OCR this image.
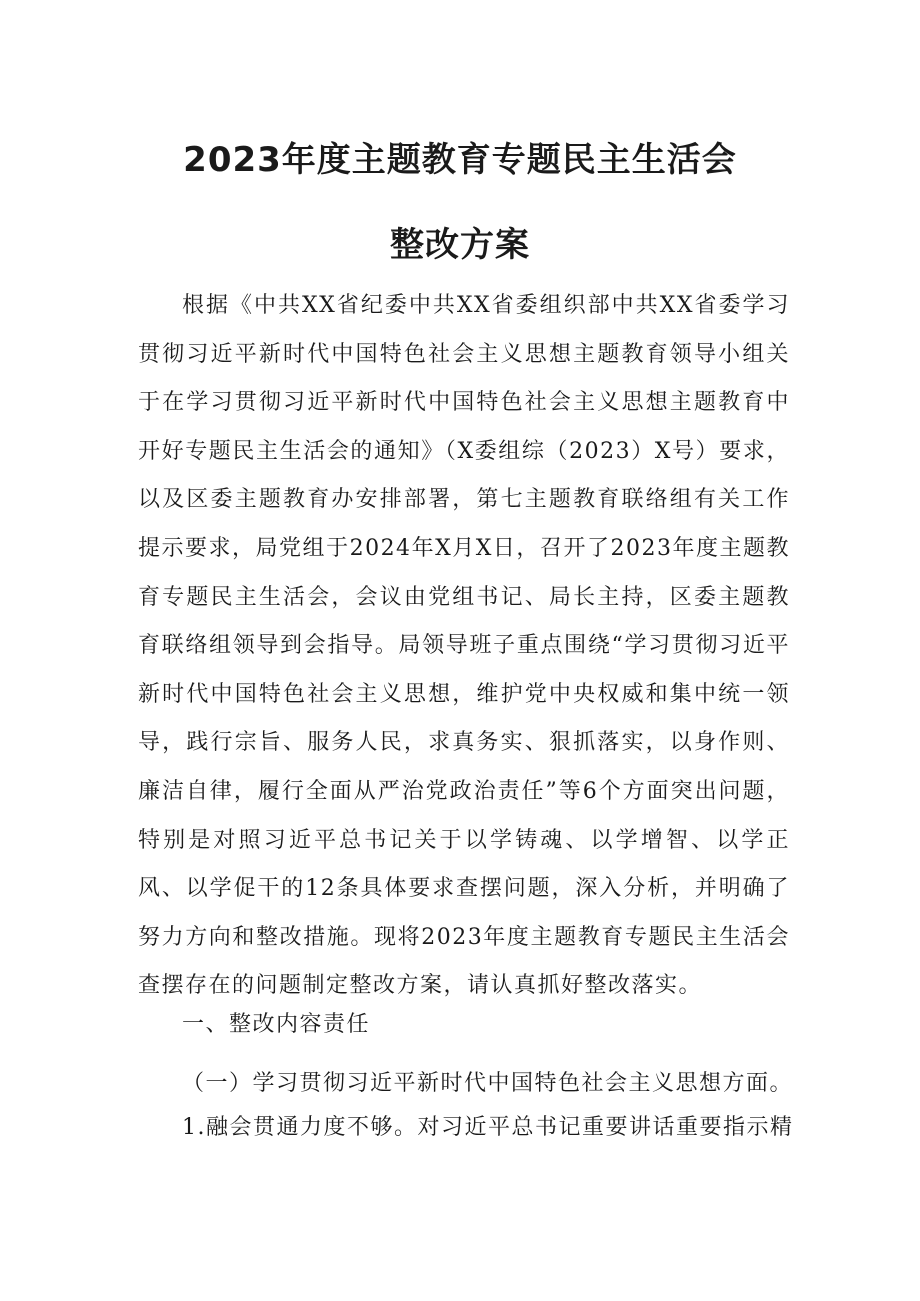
2023年度主题教育专题民主生活会
整改方案

根据《中共XX省纪委中共XX省委组织部中共XX省委学习贯彻习近平新时代中国特色社会主义思想主题教育领导小组关于在学习贯彻习近平新时代中国特色社会主义思想主题教育中开好专题民主生活会的通知》（X委组综（2023）X号）要求，以及区委主题教育办安排部署，第七主题教育联络组有关工作提示要求，局党组于2024年X月X日，召开了2023年度主题教育专题民主生活会，会议由党组书记、局长主持，区委主题教育联络组领导到会指导。局领导班子重点围绕“学习贯彻习近平新时代中国特色社会主义思想，维护党中央权威和集中统一领导，践行宗旨、服务人民，求真务实、狠抓落实，以身作则、廉洁自律，履行全面从严治党政治责任”等6个方面突出问题，特别是对照习近平总书记关于以学铸魂、以学增智、以学正风、以学促干的12条具体要求查摆问题，深入分析，并明确了努力方向和整改措施。现将2023年度主题教育专题民主生活会查摆存在的问题制定整改方案，请认真抓好整改落实。

一、整改内容责任

（一）学习贯彻习近平新时代中国特色社会主义思想方面。

1.融会贯通力度不够。对习近平总书记重要讲话重要指示精
